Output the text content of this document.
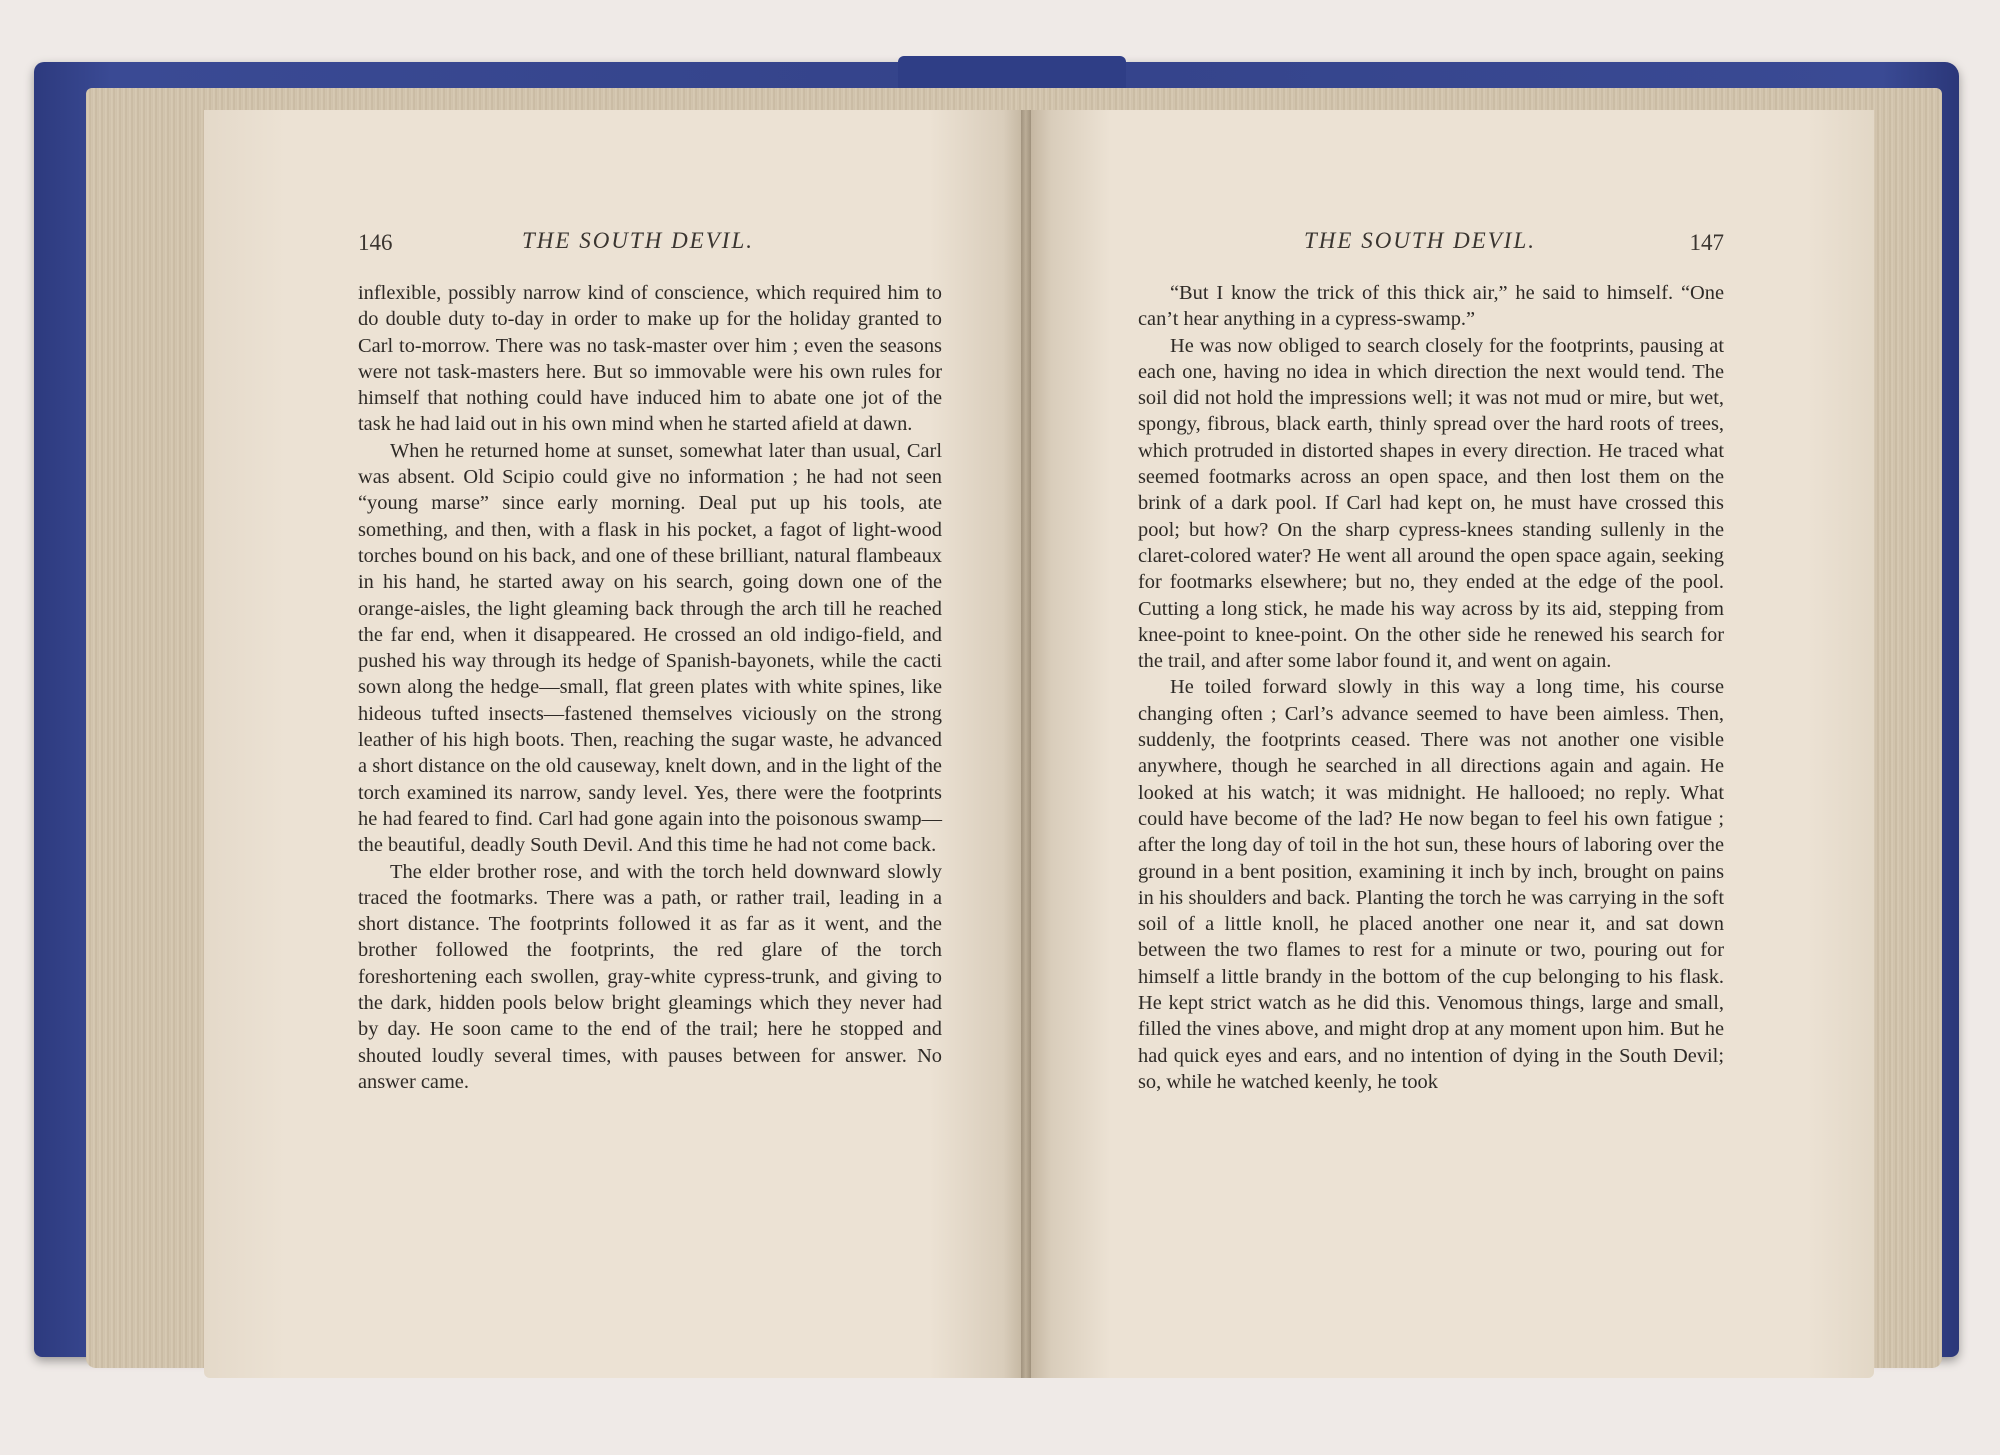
146	THE SOUTH DEVIL.	THE SOUTH DEVIL.	147

inflexible, possibly narrow kind of conscience, which required him to do double duty to-day in order to make up for the holiday granted to Carl to-morrow. There was no task-master over him ; even the seasons were not task-masters here. But so immovable were his own rules for himself that nothing could have induced him to abate one jot of the task he had laid out in his own mind when he started afield at dawn.

When he returned home at sunset, somewhat later than usual, Carl was absent. Old Scipio could give no information ; he had not seen “young marse” since early morning. Deal put up his tools, ate something, and then, with a flask in his pocket, a fagot of light-wood torches bound on his back, and one of these brilliant, natural flambeaux in his hand, he started away on his search, going down one of the orange-aisles, the light gleaming back through the arch till he reached the far end, when it disappeared. He crossed an old indigo-field, and pushed his way through its hedge of Spanish-bayonets, while the cacti sown along the hedge—small, flat green plates with white spines, like hideous tufted insects—fastened themselves viciously on the strong leather of his high boots. Then, reaching the sugar waste, he advanced a short distance on the old causeway, knelt down, and in the light of the torch examined its narrow, sandy level. Yes, there were the footprints he had feared to find. Carl had gone again into the poisonous swamp—the beautiful, deadly South Devil. And this time he had not come back.

The elder brother rose, and with the torch held downward slowly traced the footmarks. There was a path, or rather trail, leading in a short distance. The footprints followed it as far as it went, and the brother followed the footprints, the red glare of the torch foreshortening each swollen, gray-white cypress-trunk, and giving to the dark, hidden pools below bright gleamings which they never had by day. He soon came to the end of the trail; here he stopped and shouted loudly several times, with pauses between for answer. No answer came.

“But I know the trick of this thick air,” he said to himself. “One can’t hear anything in a cypress-swamp.”

He was now obliged to search closely for the footprints, pausing at each one, having no idea in which direction the next would tend. The soil did not hold the impressions well; it was not mud or mire, but wet, spongy, fibrous, black earth, thinly spread over the hard roots of trees, which protruded in distorted shapes in every direction. He traced what seemed footmarks across an open space, and then lost them on the brink of a dark pool. If Carl had kept on, he must have crossed this pool; but how? On the sharp cypress-knees standing sullenly in the claret-colored water? He went all around the open space again, seeking for footmarks elsewhere; but no, they ended at the edge of the pool. Cutting a long stick, he made his way across by its aid, stepping from knee-point to knee-point. On the other side he renewed his search for the trail, and after some labor found it, and went on again.

He toiled forward slowly in this way a long time, his course changing often ; Carl’s advance seemed to have been aimless. Then, suddenly, the footprints ceased. There was not another one visible anywhere, though he searched in all directions again and again. He looked at his watch; it was midnight. He hallooed; no reply. What could have become of the lad? He now began to feel his own fatigue ; after the long day of toil in the hot sun, these hours of laboring over the ground in a bent position, examining it inch by inch, brought on pains in his shoulders and back. Planting the torch he was carrying in the soft soil of a little knoll, he placed another one near it, and sat down between the two flames to rest for a minute or two, pouring out for himself a little brandy in the bottom of the cup belonging to his flask. He kept strict watch as he did this. Venomous things, large and small, filled the vines above, and might drop at any moment upon him. But he had quick eyes and ears, and no intention of dying in the South Devil; so, while he watched keenly, he took
